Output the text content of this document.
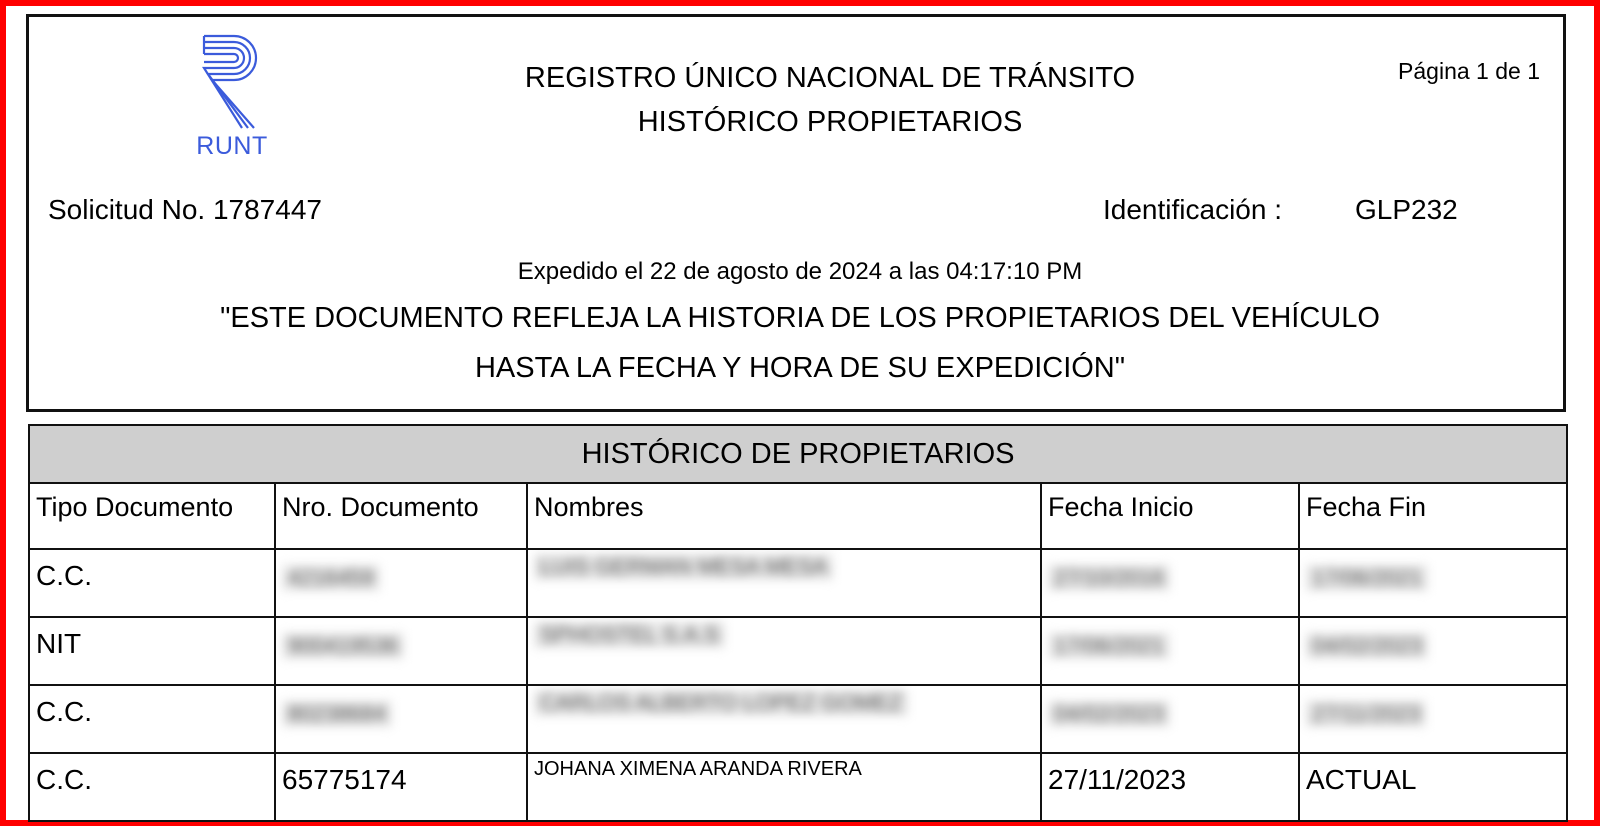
RUNT
REGISTRO ÚNICO NACIONAL DE TRÁNSITO
HISTÓRICO PROPIETARIOS
Página 1 de 1
Solicitud No. 1787447	Identificación :	GLP232
Expedido el 22 de agosto de 2024 a las 04:17:10 PM
"ESTE DOCUMENTO REFLEJA LA HISTORIA DE LOS PROPIETARIOS DEL VEHÍCULO
HASTA LA FECHA Y HORA DE SU EXPEDICIÓN"
HISTÓRICO DE PROPIETARIOS				
Tipo Documento	Nro. Documento	Nombres	Fecha Inicio	Fecha Fin
C.C.	4216459	LUIS GERMAN MESA MESA	27/10/2016	17/06/2021
NIT	900419536	SPHOSTEL S.A.S	17/06/2021	04/02/2023
C.C.	80238684	CARLOS ALBERTO LOPEZ GOMEZ	04/02/2023	27/11/2023
C.C.	65775174	JOHANA XIMENA ARANDA RIVERA	27/11/2023	ACTUAL
